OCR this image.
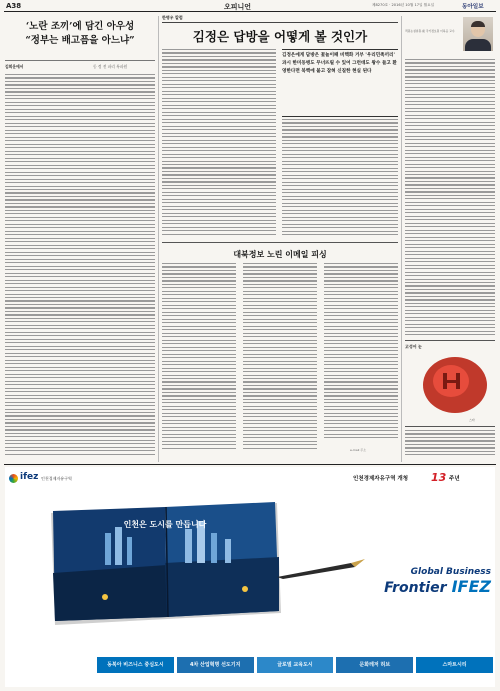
A38	오피니언	제8270호 · 2016년 10월 17일 월요일	동아일보
‘노란 조끼’에 담긴 아우성
“정부는 배고픔을 아느냐”
김희운에서	동 정 전 파리 특파원
한명우 칼럼
김정은 답방을 어떻게 볼 것인가
김정은에게 답방은 꽃놀이패 비핵화 거부 '우리민족끼리' 과시 한미동맹도 무너뜨릴 수 있어 그런데도 왕수 들고 환영한다면 북핵에 불고 잡혀 신질한 현실 된다
대북정보 노린 이메일 피싱
e-mail 주소
객원논설위원·前 국가정보원 이하응 교수
고성어 눈
스타
ifez 인천경제자유구역	인천경제자유구역 개청 13 주년
인천은 도시를 만듭니다
Global Business
Frontier IFEZ
동북아 비즈니스 중심도시	4차 산업혁명 선도기지	글로벌 교육도시	문화레저 허브	스마트시티
